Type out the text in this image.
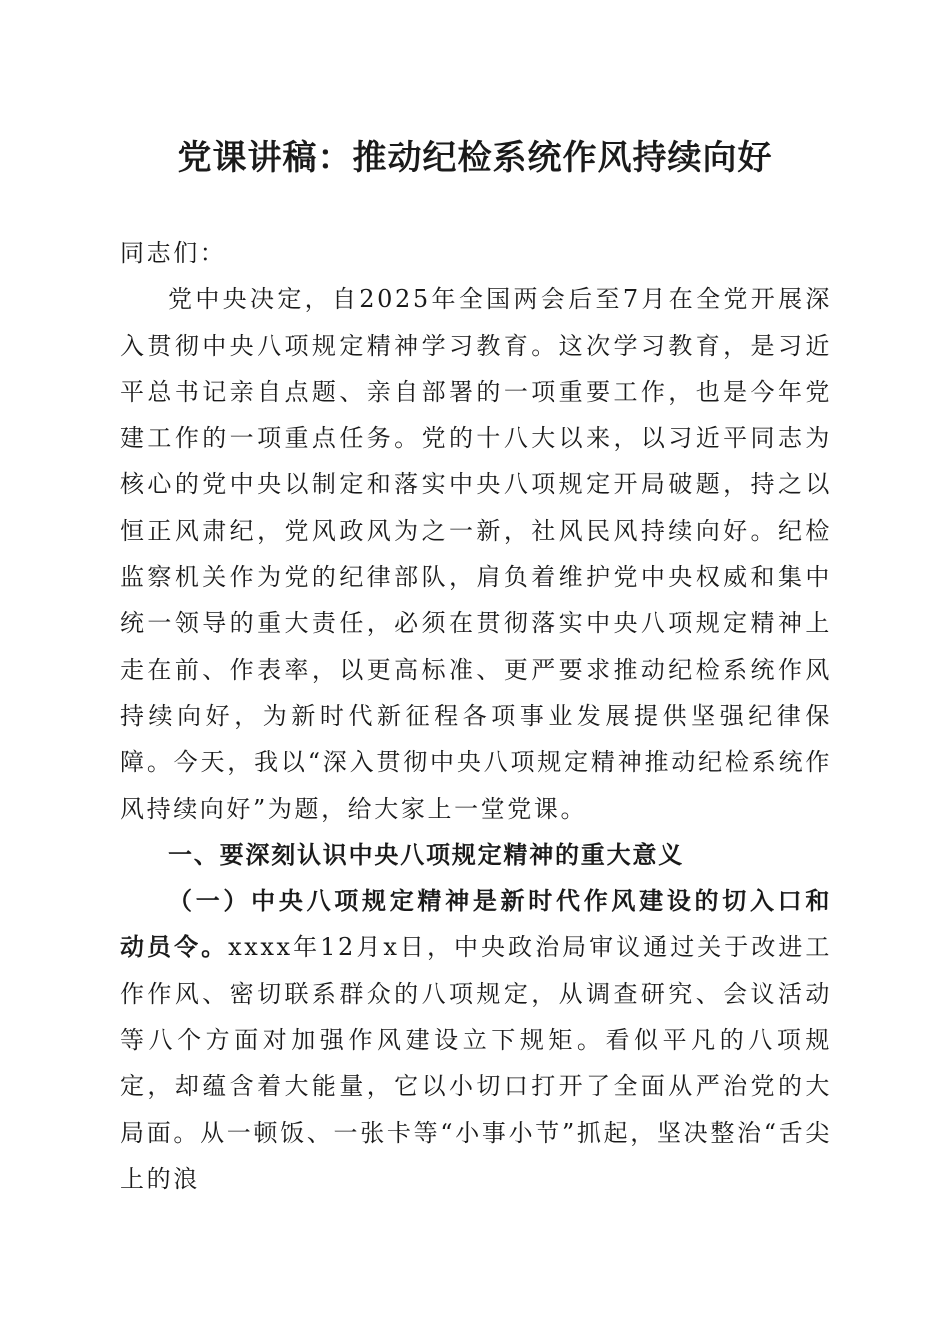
党课讲稿：推动纪检系统作风持续向好

同志们：

党中央决定，自2025年全国两会后至7月在全党开展深入贯彻中央八项规定精神学习教育。这次学习教育，是习近平总书记亲自点题、亲自部署的一项重要工作，也是今年党建工作的一项重点任务。党的十八大以来，以习近平同志为核心的党中央以制定和落实中央八项规定开局破题，持之以恒正风肃纪，党风政风为之一新，社风民风持续向好。纪检监察机关作为党的纪律部队，肩负着维护党中央权威和集中统一领导的重大责任，必须在贯彻落实中央八项规定精神上走在前、作表率，以更高标准、更严要求推动纪检系统作风持续向好，为新时代新征程各项事业发展提供坚强纪律保障。今天，我以“深入贯彻中央八项规定精神推动纪检系统作风持续向好”为题，给大家上一堂党课。

一、要深刻认识中央八项规定精神的重大意义

（一）中央八项规定精神是新时代作风建设的切入口和动员令。xxxx年12月x日，中央政治局审议通过关于改进工作作风、密切联系群众的八项规定，从调查研究、会议活动等八个方面对加强作风建设立下规矩。看似平凡的八项规定，却蕴含着大能量，它以小切口打开了全面从严治党的大局面。从一顿饭、一张卡等“小事小节”抓起，坚决整治“舌尖上的浪
